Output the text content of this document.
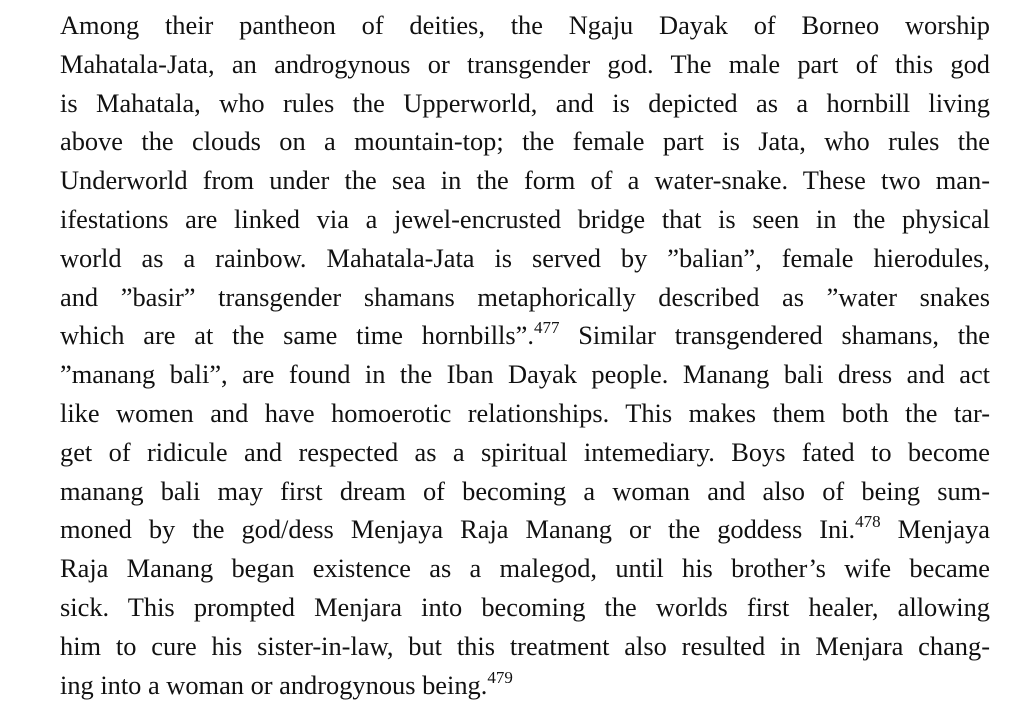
Among their pantheon of deities, the Ngaju Dayak of Borneo worship
Mahatala-Jata, an androgynous or transgender god. The male part of this god
is Mahatala, who rules the Upperworld, and is depicted as a hornbill living
above the clouds on a mountain-top; the female part is Jata, who rules the
Underworld from under the sea in the form of a water-snake. These two man-
ifestations are linked via a jewel-encrusted bridge that is seen in the physical
world as a rainbow. Mahatala-Jata is served by ”balian”, female hierodules,
and ”basir” transgender shamans metaphorically described as ”water snakes
which are at the same time hornbills”.$^{477}$ Similar transgendered shamans, the
”manang bali”, are found in the Iban Dayak people. Manang bali dress and act
like women and have homoerotic relationships. This makes them both the tar-
get of ridicule and respected as a spiritual intemediary. Boys fated to become
manang bali may first dream of becoming a woman and also of being sum-
moned by the god/dess Menjaya Raja Manang or the goddess Ini.$^{478}$ Menjaya
Raja Manang began existence as a malegod, until his brother’s wife became
sick. This prompted Menjara into becoming the worlds first healer, allowing
him to cure his sister-in-law, but this treatment also resulted in Menjara chang-
ing into a woman or androgynous being.$^{479}$
